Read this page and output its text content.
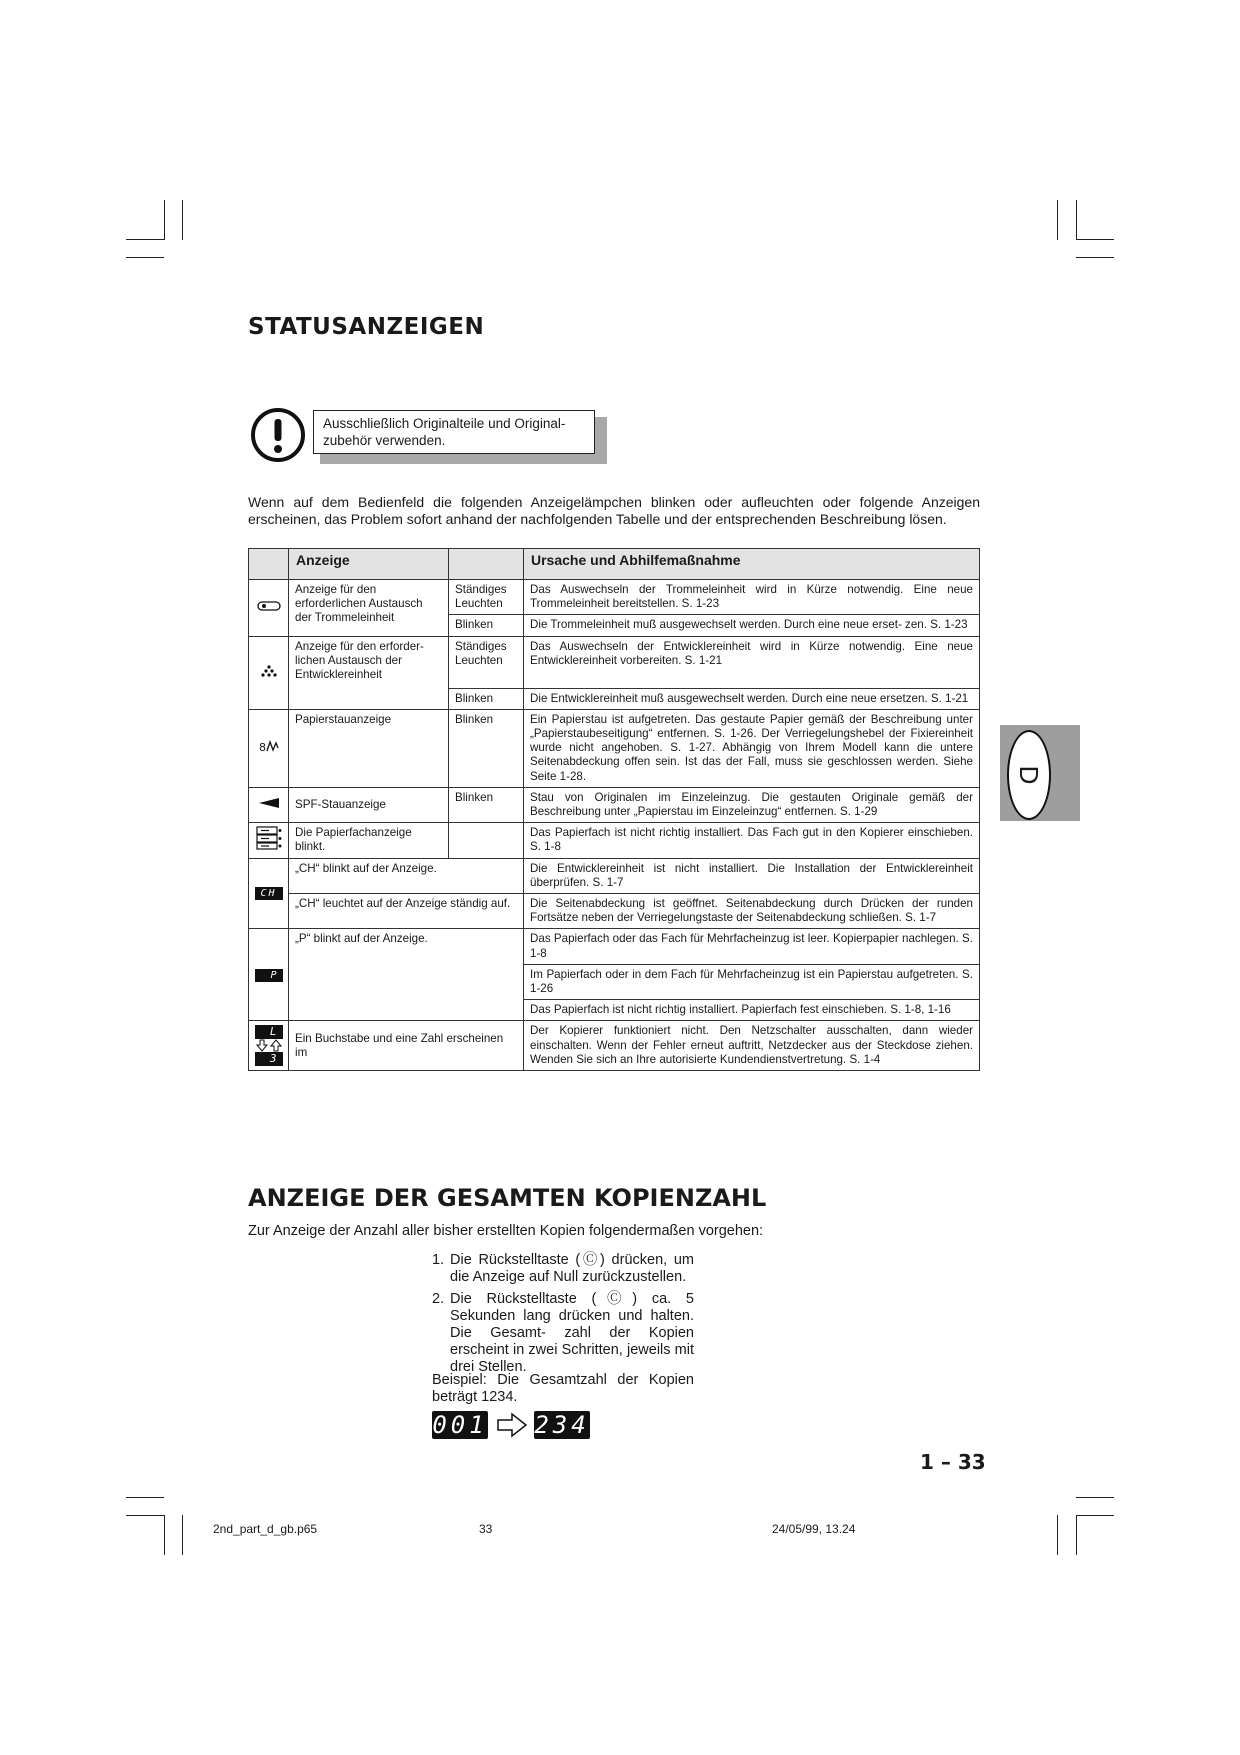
STATUSANZEIGEN
Ausschließlich Originalteile und Original- zubehör verwenden.
Wenn auf dem Bedienfeld die folgenden Anzeigelämpchen blinken oder aufleuchten oder folgende Anzeigen erscheinen, das Problem sofort anhand der nachfolgenden Tabelle und der entsprechenden Beschreibung lösen.
	Anzeige		Ursache und Abhilfemaßnahme
	Anzeige für den erforderlichen Austausch der Trommeleinheit	Ständiges Leuchten	Das Auswechseln der Trommeleinheit wird in Kürze notwendig. Eine neue Trommeleinheit bereitstellen. S. 1-23
		Blinken	Die Trommeleinheit muß ausgewechselt werden. Durch eine neue erset- zen. S. 1-23
	Anzeige für den erforder- lichen Austausch der Entwicklereinheit	Ständiges Leuchten	Das Auswechseln der Entwicklereinheit wird in Kürze notwendig. Eine neue Entwicklereinheit vorbereiten. S. 1-21
		Blinken	Die Entwicklereinheit muß ausgewechselt werden. Durch eine neue ersetzen. S. 1-21

8	Papierstauanzeige	Blinken	Ein Papierstau ist aufgetreten. Das gestaute Papier gemäß der Beschreibung unter „Papierstaubeseitigung“ entfernen. S. 1-26. Der Verriegelungshebel der Fixiereinheit wurde nicht angehoben. S. 1-27. Abhängig von Ihrem Modell kann die untere Seitenabdeckung offen sein. Ist das der Fall, muss sie geschlossen werden. Siehe Seite 1-28.
	SPF-Stauanzeige	Blinken	Stau von Originalen im Einzeleinzug. Die gestauten Originale gemäß der Beschreibung unter „Papierstau im Einzeleinzug“ entfernen. S. 1-29
	Die Papierfachanzeige blinkt.		Das Papierfach ist nicht richtig installiert. Das Fach gut in den Kopierer einschieben. S. 1-8
CH	„CH“ blinkt auf der Anzeige.		Die Entwicklereinheit ist nicht installiert. Die Installation der Entwicklereinheit überprüfen. S. 1-7
	„CH“ leuchtet auf der Anzeige ständig auf.		Die Seitenabdeckung ist geöffnet. Seitenabdeckung durch Drücken der runden Fortsätze neben der Verriegelungstaste der Seitenabdeckung schließen. S. 1-7
P	„P“ blinkt auf der Anzeige.		Das Papierfach oder das Fach für Mehrfacheinzug ist leer. Kopierpapier nachlegen. S. 1-8
			Im Papierfach oder in dem Fach für Mehrfacheinzug ist ein Papierstau aufgetreten. S. 1-26
			Das Papierfach ist nicht richtig installiert. Papierfach fest einschieben. S. 1-8, 1-16

L
3	Ein Buchstabe und eine Zahl erscheinen im		Der Kopierer funktioniert nicht. Den Netzschalter ausschalten, dann wieder einschalten. Wenn der Fehler erneut auftritt, Netzdecker aus der Steckdose ziehen. Wenden Sie sich an Ihre autorisierte Kundendienstvertretung. S. 1-4
D
ANZEIGE DER GESAMTEN KOPIENZAHL
Zur Anzeige der Anzahl aller bisher erstellten Kopien folgendermaßen vorgehen:
1. Die Rückstelltaste (Ⓒ) drücken, um die Anzeige auf Null zurückzustellen.
2. Die Rückstelltaste (Ⓒ) ca. 5 Sekunden lang drücken und halten. Die Gesamt- zahl der Kopien erscheint in zwei Schritten, jeweils mit drei Stellen.
Beispiel: Die Gesamtzahl der Kopien beträgt 1234.
001 234
1 – 33
2nd_part_d_gb.p65	33	24/05/99, 13.24
